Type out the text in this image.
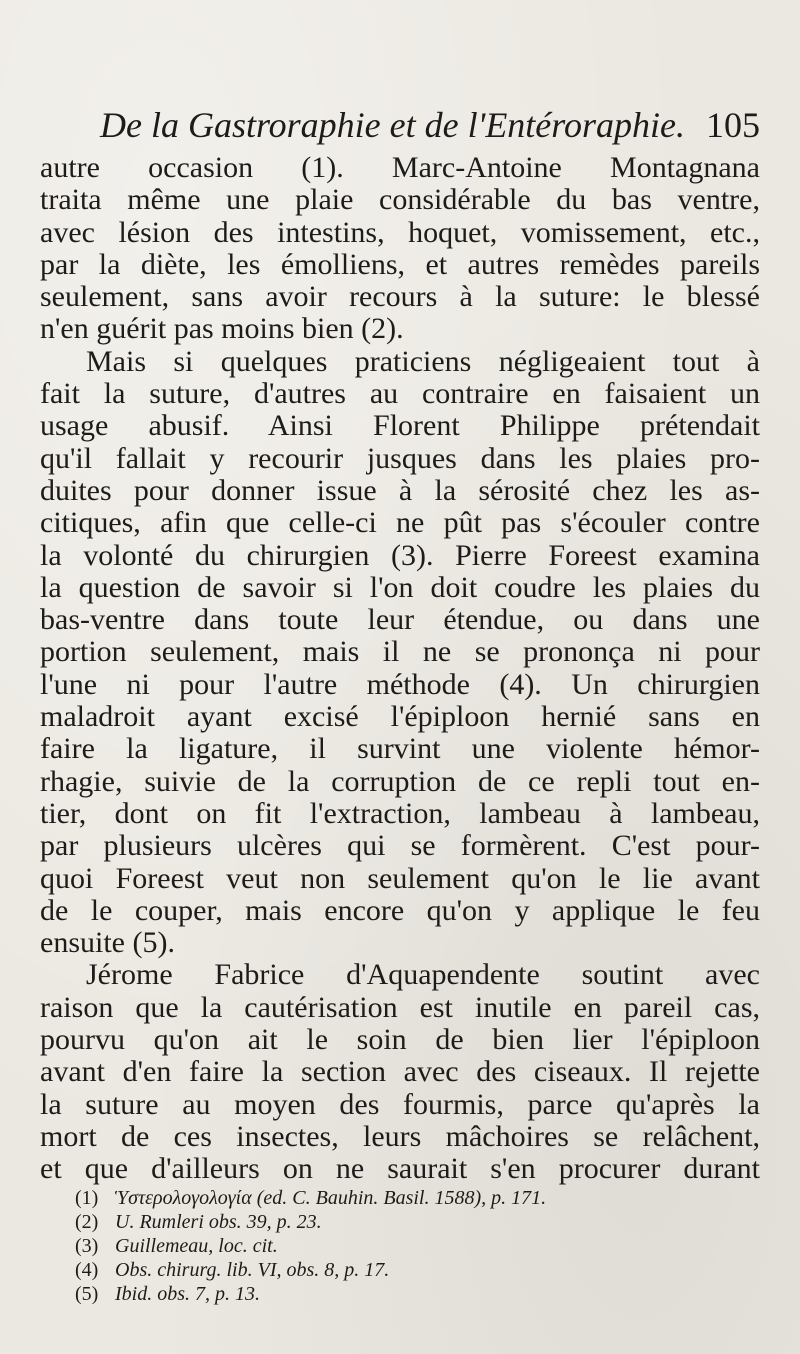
De la Gastroraphie et de l'Entéroraphie. 105
autre occasion (1). Marc-Antoine Montagnana
traita même une plaie considérable du bas ventre,
avec lésion des intestins, hoquet, vomissement, etc.,
par la diète, les émolliens, et autres remèdes pareils
seulement, sans avoir recours à la suture: le blessé
n'en guérit pas moins bien (2).
Mais si quelques praticiens négligeaient tout à
fait la suture, d'autres au contraire en faisaient un
usage abusif. Ainsi Florent Philippe prétendait
qu'il fallait y recourir jusques dans les plaies pro-
duites pour donner issue à la sérosité chez les as-
citiques, afin que celle-ci ne pût pas s'écouler contre
la volonté du chirurgien (3). Pierre Foreest examina
la question de savoir si l'on doit coudre les plaies du
bas-ventre dans toute leur étendue, ou dans une
portion seulement, mais il ne se prononça ni pour
l'une ni pour l'autre méthode (4). Un chirurgien
maladroit ayant excisé l'épiploon hernié sans en
faire la ligature, il survint une violente hémor-
rhagie, suivie de la corruption de ce repli tout en-
tier, dont on fit l'extraction, lambeau à lambeau,
par plusieurs ulcères qui se formèrent. C'est pour-
quoi Foreest veut non seulement qu'on le lie avant
de le couper, mais encore qu'on y applique le feu
ensuite (5).
Jérome Fabrice d'Aquapendente soutint avec
raison que la cautérisation est inutile en pareil cas,
pourvu qu'on ait le soin de bien lier l'épiploon
avant d'en faire la section avec des ciseaux. Il rejette
la suture au moyen des fourmis, parce qu'après la
mort de ces insectes, leurs mâchoires se relâchent,
et que d'ailleurs on ne saurait s'en procurer durant
(1) Ὑστερολογολογία (ed. C. Bauhin. Basil. 1588), p. 171.
(2) U. Rumleri obs. 39, p. 23.
(3) Guillemeau, loc. cit.
(4) Obs. chirurg. lib. VI, obs. 8, p. 17.
(5) Ibid. obs. 7, p. 13.
